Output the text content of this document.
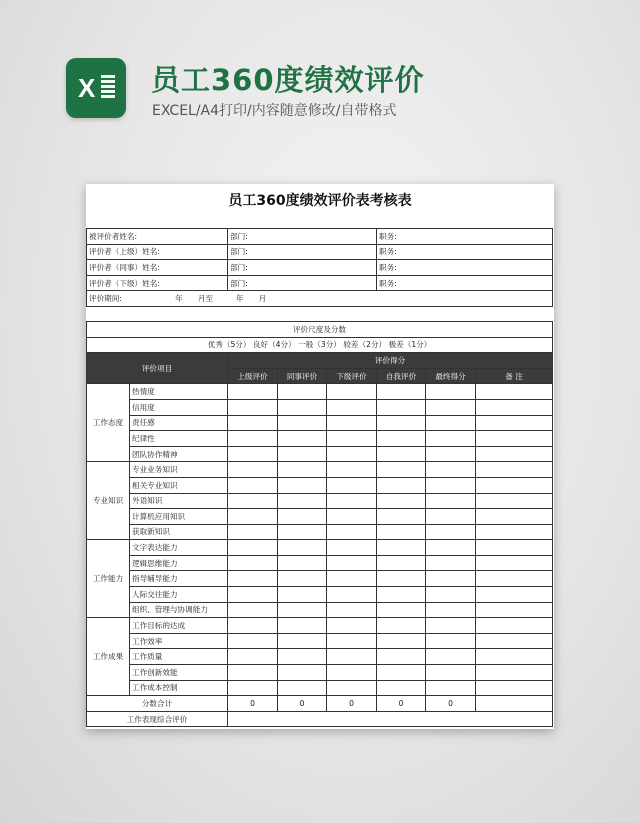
X 员工360度绩效评价
EXCEL/A4打印/内容随意修改/自带格式
员工360度绩效评价表考核表
被评价者姓名:		部门:			职务:		
评价者（上级）姓名:		部门:			职务:		
评价者（同事）姓名:		部门:			职务:		
评价者（下级）姓名:		部门:			职务:		
评价期间:　　　　　　　年　　月至　　　年　　月							

评价尺度及分数							
优秀（5分） 良好（4分） 一般（3分） 较差（2分） 极差（1分）							
评价项目		评价得分					
		上级评价	同事评价	下级评价	自我评价	最终得分	备 注
工作态度	热情度						
	信用度						
	责任感						
	纪律性						
	团队协作精神						
专业知识	专业业务知识						
	相关专业知识						
	外语知识						
	计算机应用知识						
	获取新知识						
工作能力	文字表达能力						
	逻辑思维能力						
	指导辅导能力						
	人际交往能力						
	组织、管理与协调能力						
工作成果	工作目标的达成						
	工作效率						
	工作质量						
	工作创新效能						
	工作成本控制						
分数合计		0	0	0	0	0	
工作表现综合评价							
